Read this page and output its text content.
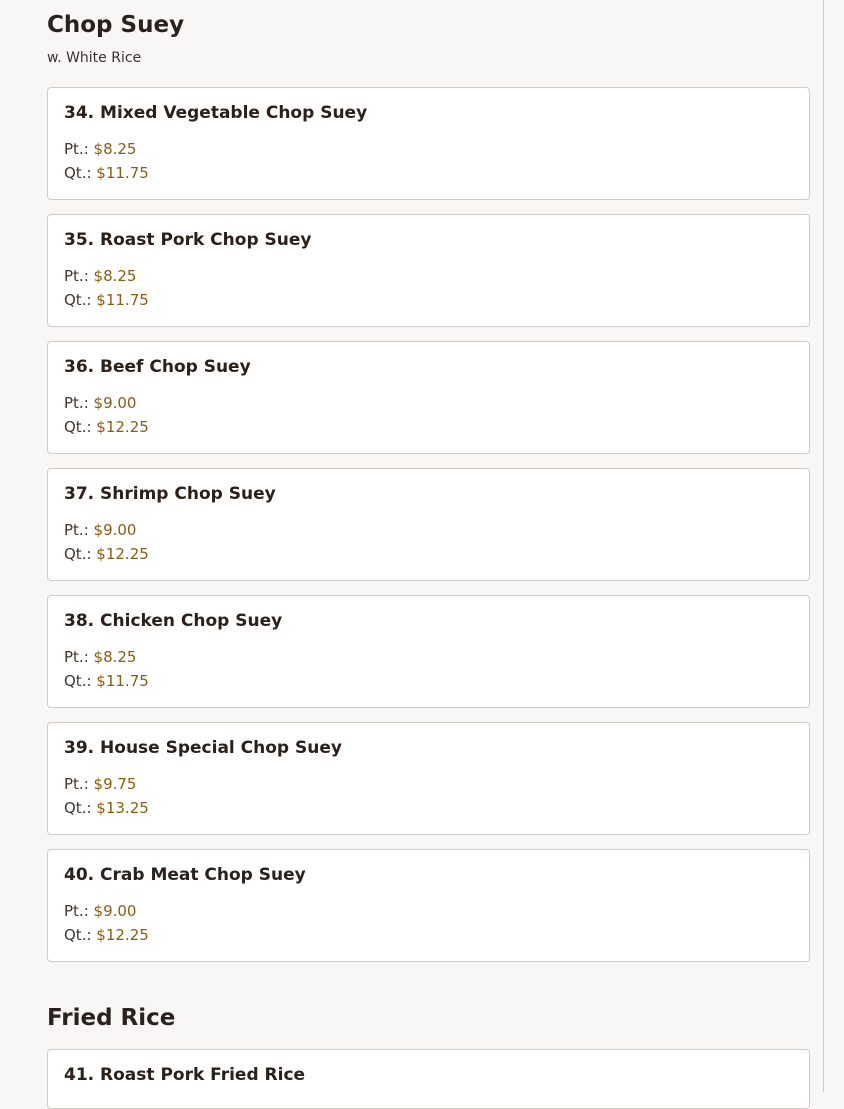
Chop Suey

w. White Rice

34. Mixed Vegetable Chop Suey
Pt.: $8.25
Qt.: $11.75
35. Roast Pork Chop Suey
Pt.: $8.25
Qt.: $11.75
36. Beef Chop Suey
Pt.: $9.00
Qt.: $12.25
37. Shrimp Chop Suey
Pt.: $9.00
Qt.: $12.25
38. Chicken Chop Suey
Pt.: $8.25
Qt.: $11.75
39. House Special Chop Suey
Pt.: $9.75
Qt.: $13.25
40. Crab Meat Chop Suey
Pt.: $9.00
Qt.: $12.25
Fried Rice
41. Roast Pork Fried Rice
